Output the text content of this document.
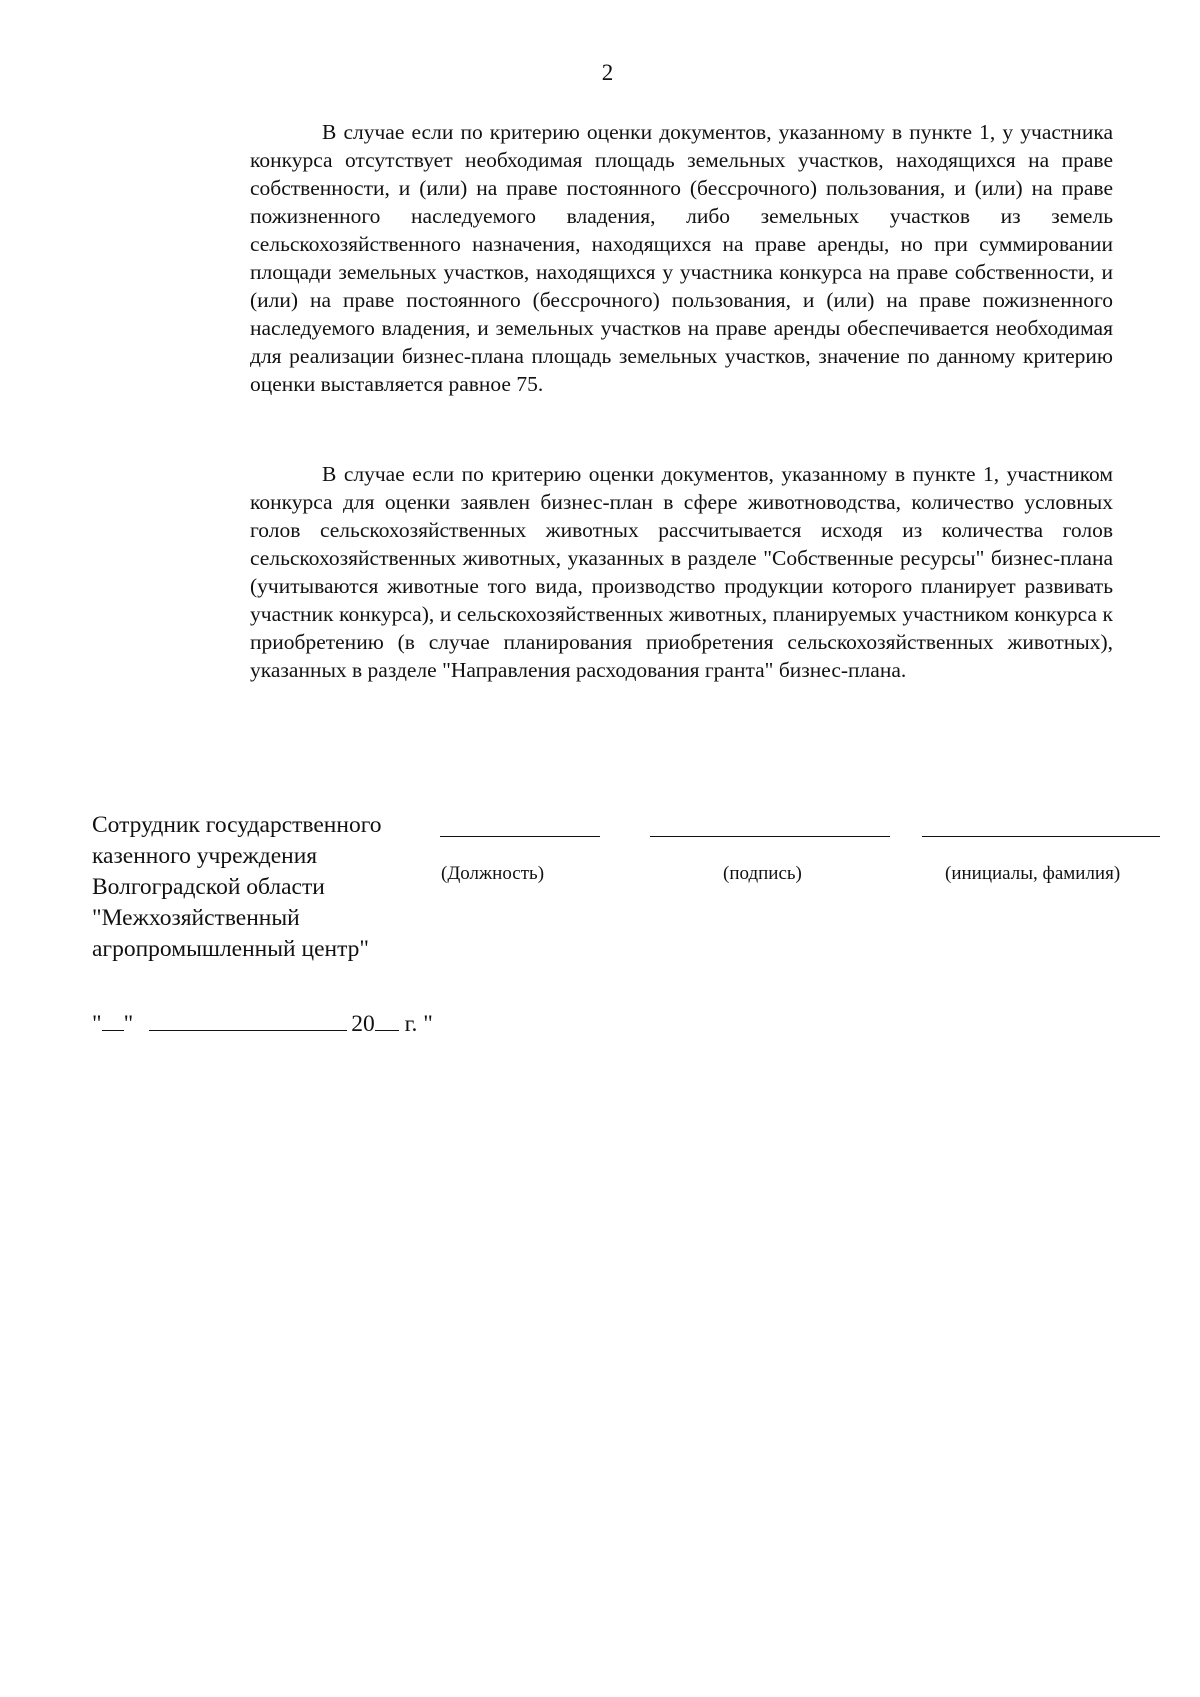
2

В случае если по критерию оценки документов, указанному в пункте 1, у участника конкурса отсутствует необходимая площадь земельных участков, находящихся на праве собственности, и (или) на праве постоянного (бессрочного) пользования, и (или) на праве пожизненного наследуемого владения, либо земельных участков из земель сельскохозяйственного назначения, находящихся на праве аренды, но при суммировании площади земельных участков, находящихся у участника конкурса на праве собственности, и (или) на праве постоянного (бессрочного) пользования, и (или) на праве пожизненного наследуемого владения, и земельных участков на праве аренды обеспечивается необходимая для реализации бизнес-плана площадь земельных участков, значение по данному критерию оценки выставляется равное 75.

В случае если по критерию оценки документов, указанному в пункте 1, участником конкурса для оценки заявлен бизнес-план в сфере животноводства, количество условных голов сельскохозяйственных животных рассчитывается исходя из количества голов сельскохозяйственных животных, указанных в разделе "Собственные ресурсы" бизнес-плана (учитываются животные того вида, производство продукции которого планирует развивать участник конкурса), и сельскохозяйственных животных, планируемых участником конкурса к приобретению (в случае планирования приобретения сельскохозяйственных животных), указанных в разделе "Направления расходования гранта" бизнес-плана.

Сотрудник государственного
казенного учреждения
Волгоградской области
"Межхозяйственный
агропромышленный центр"
(Должность)	(подпись)	(инициалы, фамилия)
" "	20 г. "
